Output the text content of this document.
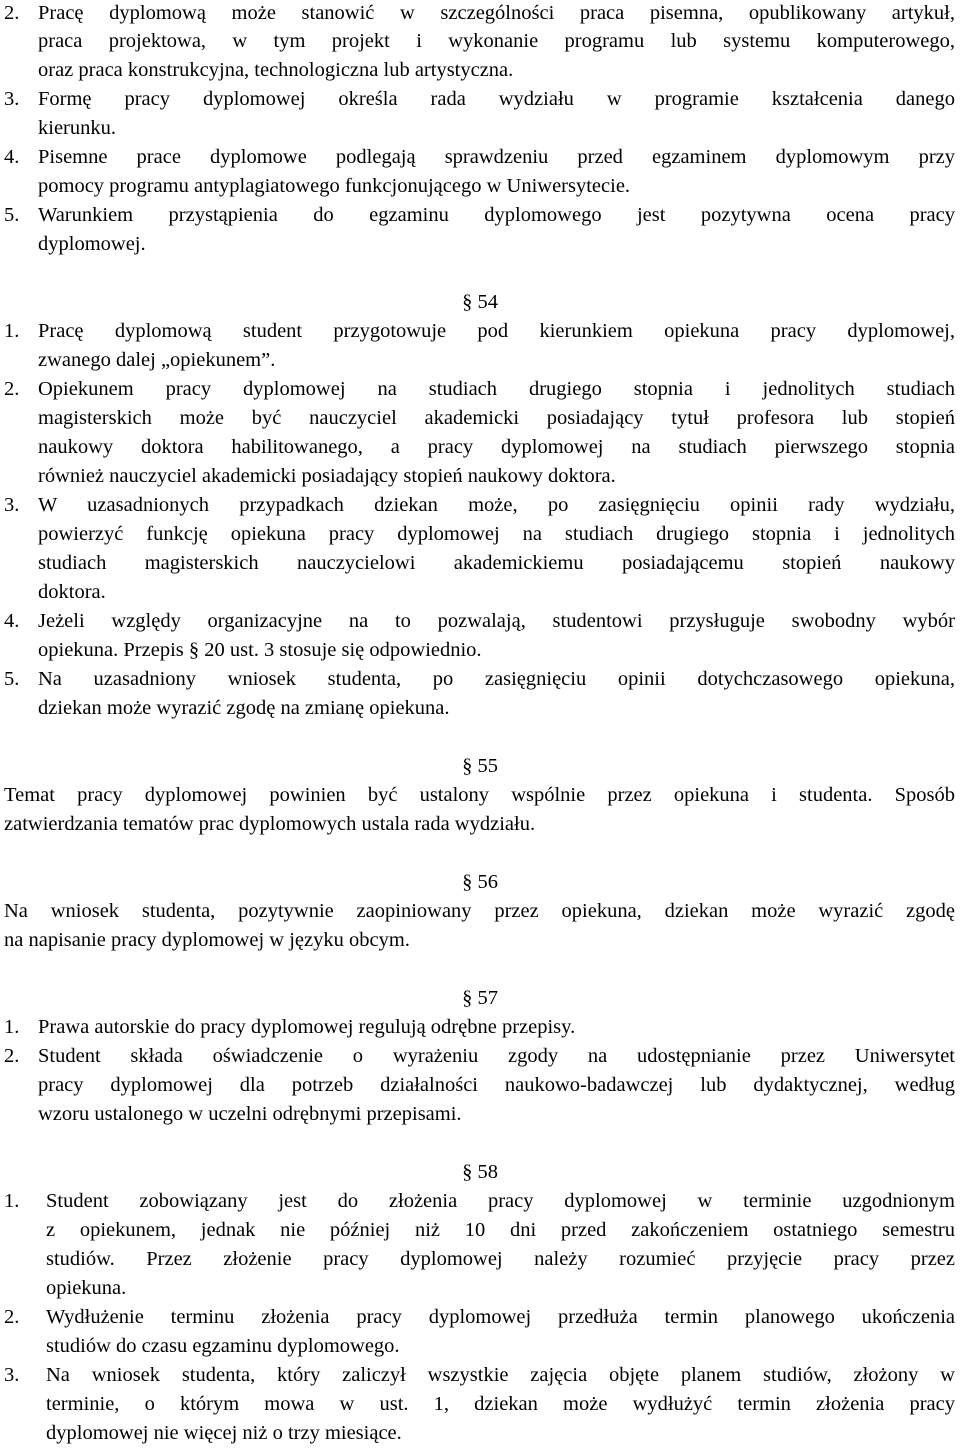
2. Pracę dyplomową może stanowić w szczególności praca pisemna, opublikowany artykuł,
praca projektowa, w tym projekt i wykonanie programu lub systemu komputerowego,
oraz praca konstrukcyjna, technologiczna lub artystyczna.
3. Formę pracy dyplomowej określa rada wydziału w programie kształcenia danego
kierunku.
4. Pisemne prace dyplomowe podlegają sprawdzeniu przed egzaminem dyplomowym przy
pomocy programu antyplagiatowego funkcjonującego w Uniwersytecie.
5. Warunkiem przystąpienia do egzaminu dyplomowego jest pozytywna ocena pracy
dyplomowej.
§ 54
1. Pracę dyplomową student przygotowuje pod kierunkiem opiekuna pracy dyplomowej,
zwanego dalej „opiekunem”.
2. Opiekunem pracy dyplomowej na studiach drugiego stopnia i jednolitych studiach
magisterskich może być nauczyciel akademicki posiadający tytuł profesora lub stopień
naukowy doktora habilitowanego, a pracy dyplomowej na studiach pierwszego stopnia
również nauczyciel akademicki posiadający stopień naukowy doktora.
3. W uzasadnionych przypadkach dziekan może, po zasięgnięciu opinii rady wydziału,
powierzyć funkcję opiekuna pracy dyplomowej na studiach drugiego stopnia i jednolitych
studiach magisterskich nauczycielowi akademickiemu posiadającemu stopień naukowy
doktora.
4. Jeżeli względy organizacyjne na to pozwalają, studentowi przysługuje swobodny wybór
opiekuna. Przepis § 20 ust. 3 stosuje się odpowiednio.
5. Na uzasadniony wniosek studenta, po zasięgnięciu opinii dotychczasowego opiekuna,
dziekan może wyrazić zgodę na zmianę opiekuna.
§ 55
Temat pracy dyplomowej powinien być ustalony wspólnie przez opiekuna i studenta. Sposób
zatwierdzania tematów prac dyplomowych ustala rada wydziału.
§ 56
Na wniosek studenta, pozytywnie zaopiniowany przez opiekuna, dziekan może wyrazić zgodę
na napisanie pracy dyplomowej w języku obcym.
§ 57
1. Prawa autorskie do pracy dyplomowej regulują odrębne przepisy.
2. Student składa oświadczenie o wyrażeniu zgody na udostępnianie przez Uniwersytet
pracy dyplomowej dla potrzeb działalności naukowo-badawczej lub dydaktycznej, według
wzoru ustalonego w uczelni odrębnymi przepisami.
§ 58
1. Student zobowiązany jest do złożenia pracy dyplomowej w terminie uzgodnionym
z opiekunem, jednak nie później niż 10 dni przed zakończeniem ostatniego semestru
studiów. Przez złożenie pracy dyplomowej należy rozumieć przyjęcie pracy przez
opiekuna.
2. Wydłużenie terminu złożenia pracy dyplomowej przedłuża termin planowego ukończenia
studiów do czasu egzaminu dyplomowego.
3. Na wniosek studenta, który zaliczył wszystkie zajęcia objęte planem studiów, złożony w
terminie, o którym mowa w ust. 1, dziekan może wydłużyć termin złożenia pracy
dyplomowej nie więcej niż o trzy miesiące.
